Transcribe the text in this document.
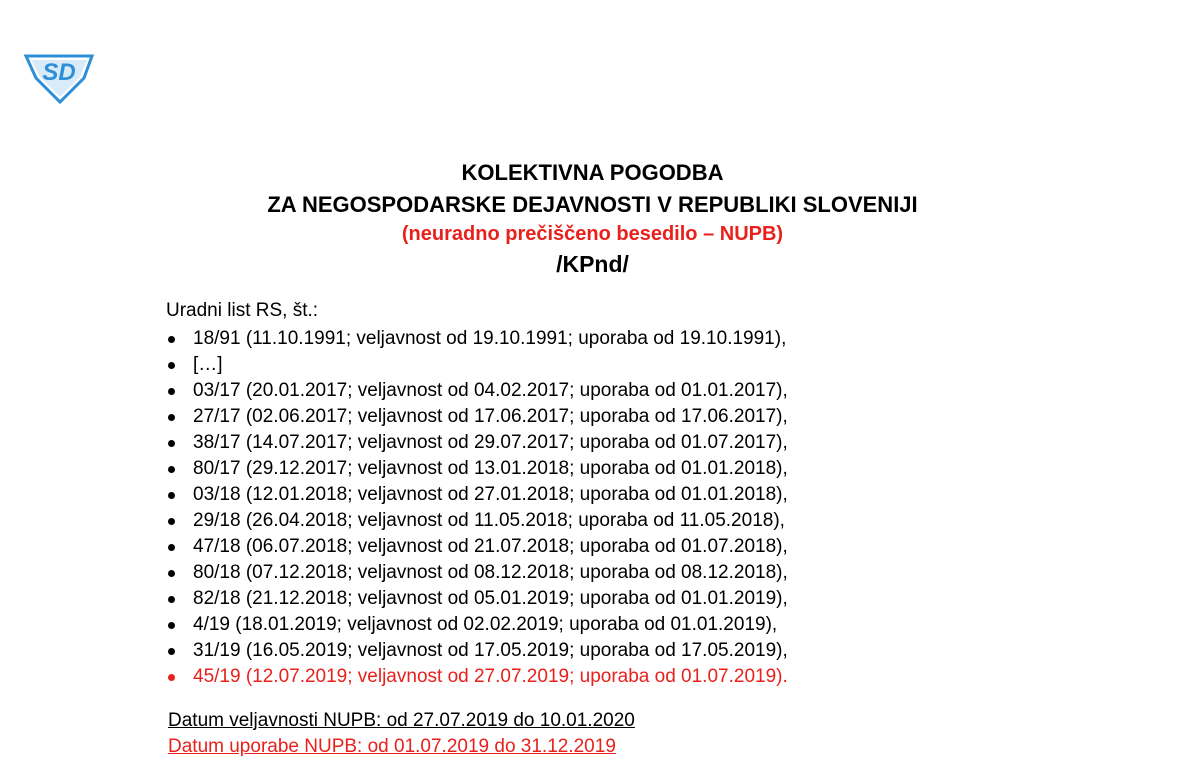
SD
KOLEKTIVNA POGODBA
ZA NEGOSPODARSKE DEJAVNOSTI V REPUBLIKI SLOVENIJI
(neuradno prečiščeno besedilo – NUPB)
/KPnd/
Uradni list RS, št.:
18/91 (11.10.1991; veljavnost od 19.10.1991; uporaba od 19.10.1991),
[…]
03/17 (20.01.2017; veljavnost od 04.02.2017; uporaba od 01.01.2017),
27/17 (02.06.2017; veljavnost od 17.06.2017; uporaba od 17.06.2017),
38/17 (14.07.2017; veljavnost od 29.07.2017; uporaba od 01.07.2017),
80/17 (29.12.2017; veljavnost od 13.01.2018; uporaba od 01.01.2018),
03/18 (12.01.2018; veljavnost od 27.01.2018; uporaba od 01.01.2018),
29/18 (26.04.2018; veljavnost od 11.05.2018; uporaba od 11.05.2018),
47/18 (06.07.2018; veljavnost od 21.07.2018; uporaba od 01.07.2018),
80/18 (07.12.2018; veljavnost od 08.12.2018; uporaba od 08.12.2018),
82/18 (21.12.2018; veljavnost od 05.01.2019; uporaba od 01.01.2019),
4/19 (18.01.2019; veljavnost od 02.02.2019; uporaba od 01.01.2019),
31/19 (16.05.2019; veljavnost od 17.05.2019; uporaba od 17.05.2019),
45/19 (12.07.2019; veljavnost od 27.07.2019; uporaba od 01.07.2019).
Datum veljavnosti NUPB: od 27.07.2019 do 10.01.2020
Datum uporabe NUPB: od 01.07.2019 do 31.12.2019
